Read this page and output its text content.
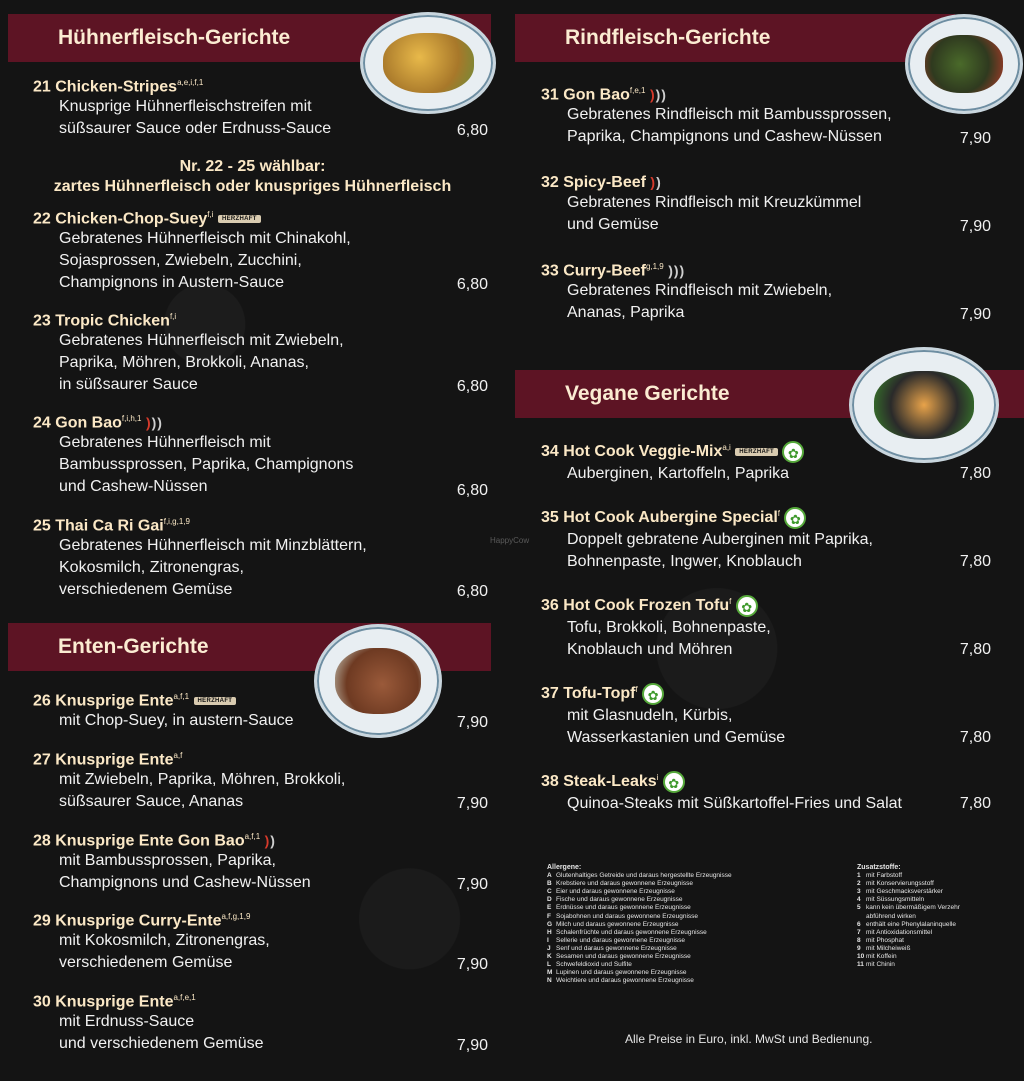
Hühnerfleisch-Gerichte
21 Chicken-Stripes$^{a,e,i,f,1}$
Knusprige Hühnerfleischstreifen mit
süßsaurer Sauce oder Erdnuss-Sauce	6,80
Nr. 22 - 25 wählbar:
zartes Hühnerfleisch oder knuspriges Hühnerfleisch
22 Chicken-Chop-Suey$^{f,i}$ HERZHAFT
Gebratenes Hühnerfleisch mit Chinakohl,
Sojasprossen, Zwiebeln, Zucchini,
Champignons in Austern-Sauce	6,80
23 Tropic Chicken$^{f,i}$
Gebratenes Hühnerfleisch mit Zwiebeln,
Paprika, Möhren, Brokkoli, Ananas,
in süßsaurer Sauce	6,80
24 Gon Bao$^{f,i,h,1}$ )))
Gebratenes Hühnerfleisch mit
Bambussprossen, Paprika, Champignons
und Cashew-Nüssen	6,80
25 Thai Ca Ri Gai$^{f,i,g,1,9}$
Gebratenes Hühnerfleisch mit Minzblättern,
Kokosmilch, Zitronengras,
verschiedenem Gemüse	6,80
Enten-Gerichte
26 Knusprige Ente$^{a,f,1}$ HERZHAFT
mit Chop-Suey, in austern-Sauce	7,90
27 Knusprige Ente$^{a,f}$
mit Zwiebeln, Paprika, Möhren, Brokkoli,
süßsaurer Sauce, Ananas	7,90
28 Knusprige Ente Gon Bao$^{a,f,1}$ ))
mit Bambussprossen, Paprika,
Champignons und Cashew-Nüssen	7,90
29 Knusprige Curry-Ente$^{a,f,g,1,9}$
mit Kokosmilch, Zitronengras,
verschiedenem Gemüse	7,90
30 Knusprige Ente$^{a,f,e,1}$
mit Erdnuss-Sauce
und verschiedenem Gemüse	7,90
Rindfleisch-Gerichte
31 Gon Bao$^{f,e,1}$ )))
Gebratenes Rindfleisch mit Bambussprossen,
Paprika, Champignons und Cashew-Nüssen	7,90
32 Spicy-Beef ))
Gebratenes Rindfleisch mit Kreuzkümmel
und Gemüse	7,90
33 Curry-Beef$^{g,1,9}$ )))
Gebratenes Rindfleisch mit Zwiebeln,
Ananas, Paprika	7,90
Vegane Gerichte
34 Hot Cook Veggie-Mix$^{a,i}$ HERZHAFT ✿
Auberginen, Kartoffeln, Paprika	7,80
35 Hot Cook Aubergine Special$^f$ ✿
Doppelt gebratene Auberginen mit Paprika,
Bohnenpaste, Ingwer, Knoblauch	7,80
36 Hot Cook Frozen Tofu$^f$ ✿
Tofu, Brokkoli, Bohnenpaste,
Knoblauch und Möhren	7,80
37 Tofu-Topf$^f$ ✿
mit Glasnudeln, Kürbis,
Wasserkastanien und Gemüse	7,80
38 Steak-Leaks$^i$ ✿
Quinoa-Steaks mit Süßkartoffel-Fries und Salat	7,80
HappyCow
Allergene:
A Glutenhaltiges Getreide und daraus hergestellte Erzeugnisse
B Krebstiere und daraus gewonnene Erzeugnisse
C Eier und daraus gewonnene Erzeugnisse
D Fische und daraus gewonnene Erzeugnisse
E Erdnüsse und daraus gewonnene Erzeugnisse
F Sojabohnen und daraus gewonnene Erzeugnisse
G Milch und daraus gewonnene Erzeugnisse
H Schalenfrüchte und daraus gewonnene Erzeugnisse
I Sellerie und daraus gewonnene Erzeugnisse
J Senf und daraus gewonnene Erzeugnisse
K Sesamen und daraus gewonnene Erzeugnisse
L Schwefeldioxid und Sulfite
M Lupinen und daraus gewonnene Erzeugnisse
N Weichtiere und daraus gewonnene Erzeugnisse
Zusatzstoffe:
1 mit Farbstoff
2 mit Konservierungsstoff
3 mit Geschmacksverstärker
4 mit Süssungsmitteln
5 kann kein übermäßigem Verzehr
abführend wirken
6 enthält eine Phenylalaninquelle
7 mit Antioxidationsmittel
8 mit Phosphat
9 mit Milcheiweiß
10 mit Koffein
11 mit Chinin
Alle Preise in Euro, inkl. MwSt und Bedienung.
